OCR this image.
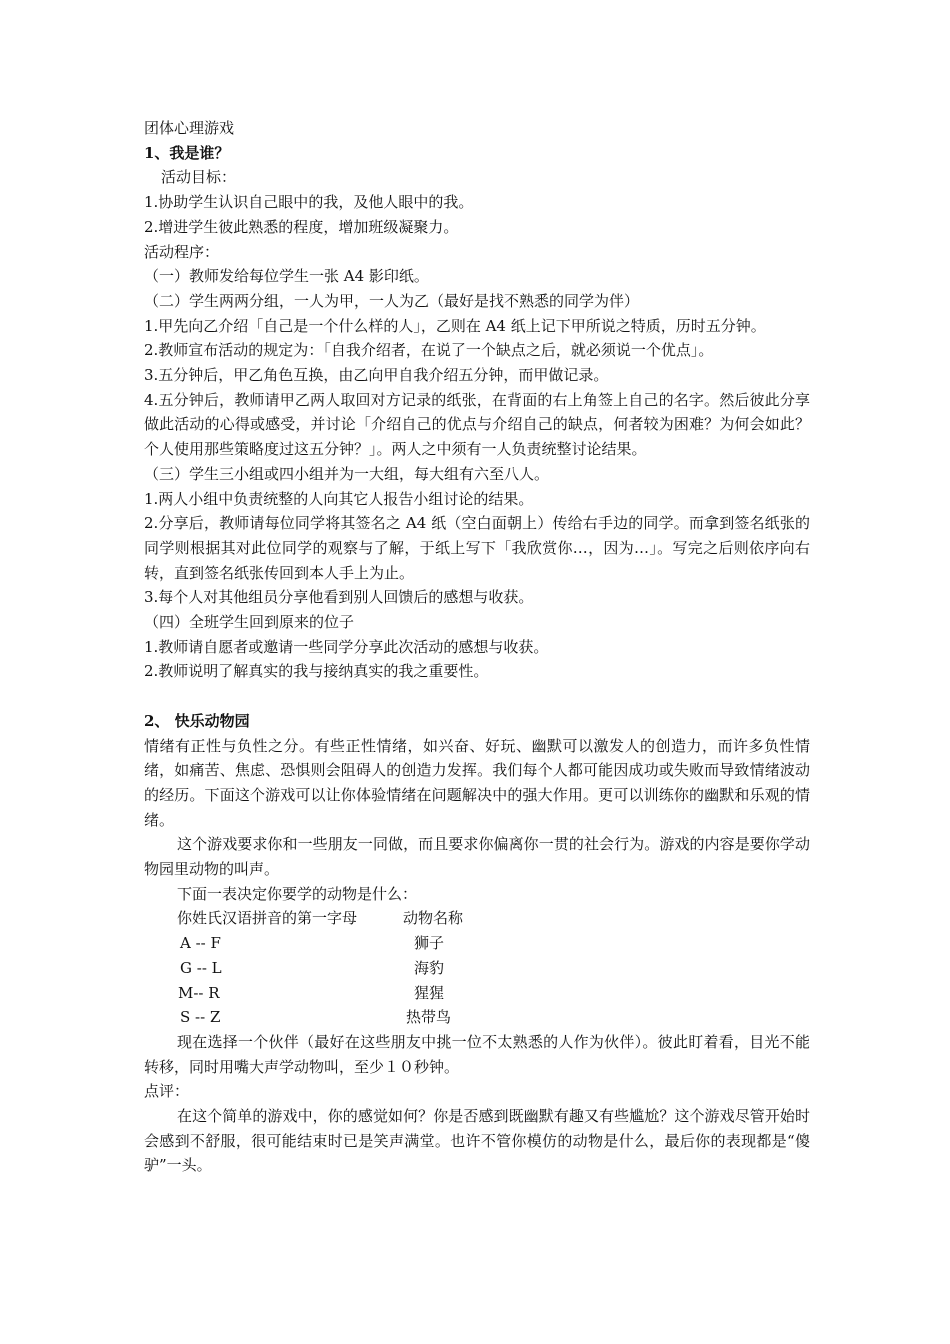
团体心理游戏
1、我是谁？
活动目标：
1.协助学生认识自己眼中的我，及他人眼中的我。
2.增进学生彼此熟悉的程度，增加班级凝聚力。
活动程序：
（一）教师发给每位学生一张 A4 影印纸。
（二）学生两两分组，一人为甲，一人为乙（最好是找不熟悉的同学为伴）
1.甲先向乙介绍「自己是一个什么样的人」，乙则在 A4 纸上记下甲所说之特质，历时五分钟。
2.教师宣布活动的规定为：「自我介绍者，在说了一个缺点之后，就必须说一个优点」。
3.五分钟后，甲乙角色互换，由乙向甲自我介绍五分钟，而甲做记录。
4.五分钟后，教师请甲乙两人取回对方记录的纸张，在背面的右上角签上自己的名字。然后彼此分享做此活动的心得或感受，并讨论「介绍自己的优点与介绍自己的缺点，何者较为困难？为何会如此？个人使用那些策略度过这五分钟？」。两人之中须有一人负责统整讨论结果。
（三）学生三小组或四小组并为一大组，每大组有六至八人。
1.两人小组中负责统整的人向其它人报告小组讨论的结果。
2.分享后，教师请每位同学将其签名之 A4 纸（空白面朝上）传给右手边的同学。而拿到签名纸张的同学则根据其对此位同学的观察与了解，于纸上写下「我欣赏你…，因为…」。写完之后则依序向右转，直到签名纸张传回到本人手上为止。
3.每个人对其他组员分享他看到别人回馈后的感想与收获。
（四）全班学生回到原来的位子
1.教师请自愿者或邀请一些同学分享此次活动的感想与收获。
2.教师说明了解真实的我与接纳真实的我之重要性。
2、 快乐动物园
情绪有正性与负性之分。有些正性情绪，如兴奋、好玩、幽默可以激发人的创造力，而许多负性情绪，如痛苦、焦虑、恐惧则会阻碍人的创造力发挥。我们每个人都可能因成功或失败而导致情绪波动的经历。下面这个游戏可以让你体验情绪在问题解决中的强大作用。更可以训练你的幽默和乐观的情绪。
这个游戏要求你和一些朋友一同做，而且要求你偏离你一贯的社会行为。游戏的内容是要你学动物园里动物的叫声。
下面一表决定你要学的动物是什么：
你姓氏汉语拼音的第一字母	动物名称
A -- F	狮子
G -- L	海豹
M-- R	猩猩
S -- Z	热带鸟
现在选择一个伙伴（最好在这些朋友中挑一位不太熟悉的人作为伙伴）。彼此盯着看，目光不能转移，同时用嘴大声学动物叫，至少１０秒钟。
点评：
在这个简单的游戏中，你的感觉如何？你是否感到既幽默有趣又有些尴尬？这个游戏尽管开始时会感到不舒服，很可能结束时已是笑声满堂。也许不管你模仿的动物是什么，最后你的表现都是“傻驴”一头。
